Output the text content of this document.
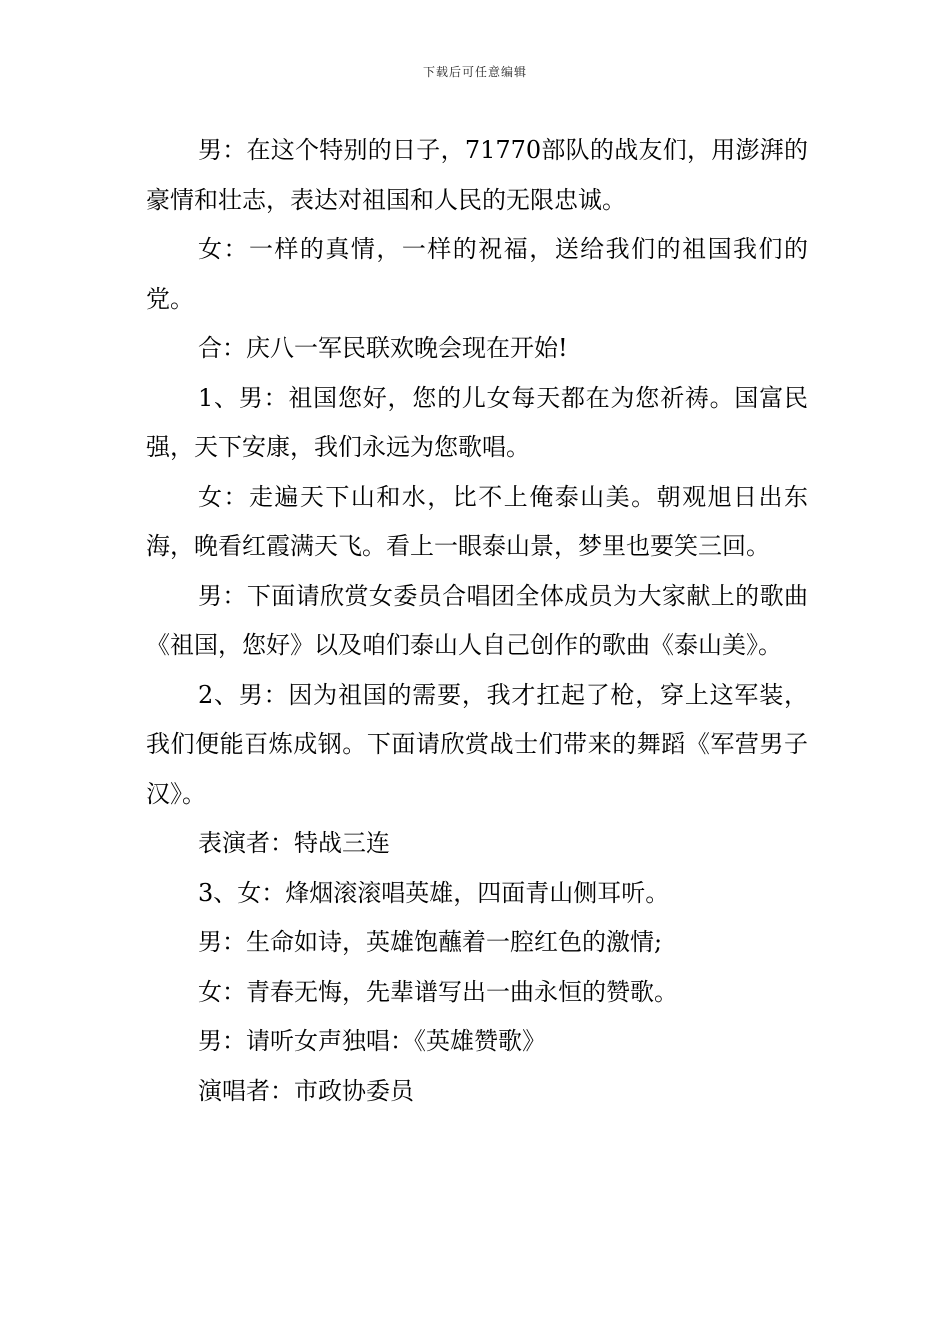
下载后可任意编辑

男：在这个特别的日子，71770部队的战友们，用澎湃的豪情和壮志，表达对祖国和人民的无限忠诚。

女：一样的真情，一样的祝福，送给我们的祖国我们的党。

合：庆八一军民联欢晚会现在开始!

1、男：祖国您好，您的儿女每天都在为您祈祷。国富民强，天下安康，我们永远为您歌唱。

女：走遍天下山和水，比不上俺泰山美。朝观旭日出东海，晚看红霞满天飞。看上一眼泰山景，梦里也要笑三回。

男：下面请欣赏女委员合唱团全体成员为大家献上的歌曲《祖国，您好》以及咱们泰山人自己创作的歌曲《泰山美》。

2、男：因为祖国的需要，我才扛起了枪，穿上这军装，我们便能百炼成钢。下面请欣赏战士们带来的舞蹈《军营男子汉》。

表演者：特战三连

3、女：烽烟滚滚唱英雄，四面青山侧耳听。

男：生命如诗，英雄饱蘸着一腔红色的激情;

女：青春无悔，先辈谱写出一曲永恒的赞歌。

男：请听女声独唱：《英雄赞歌》

演唱者：市政协委员
